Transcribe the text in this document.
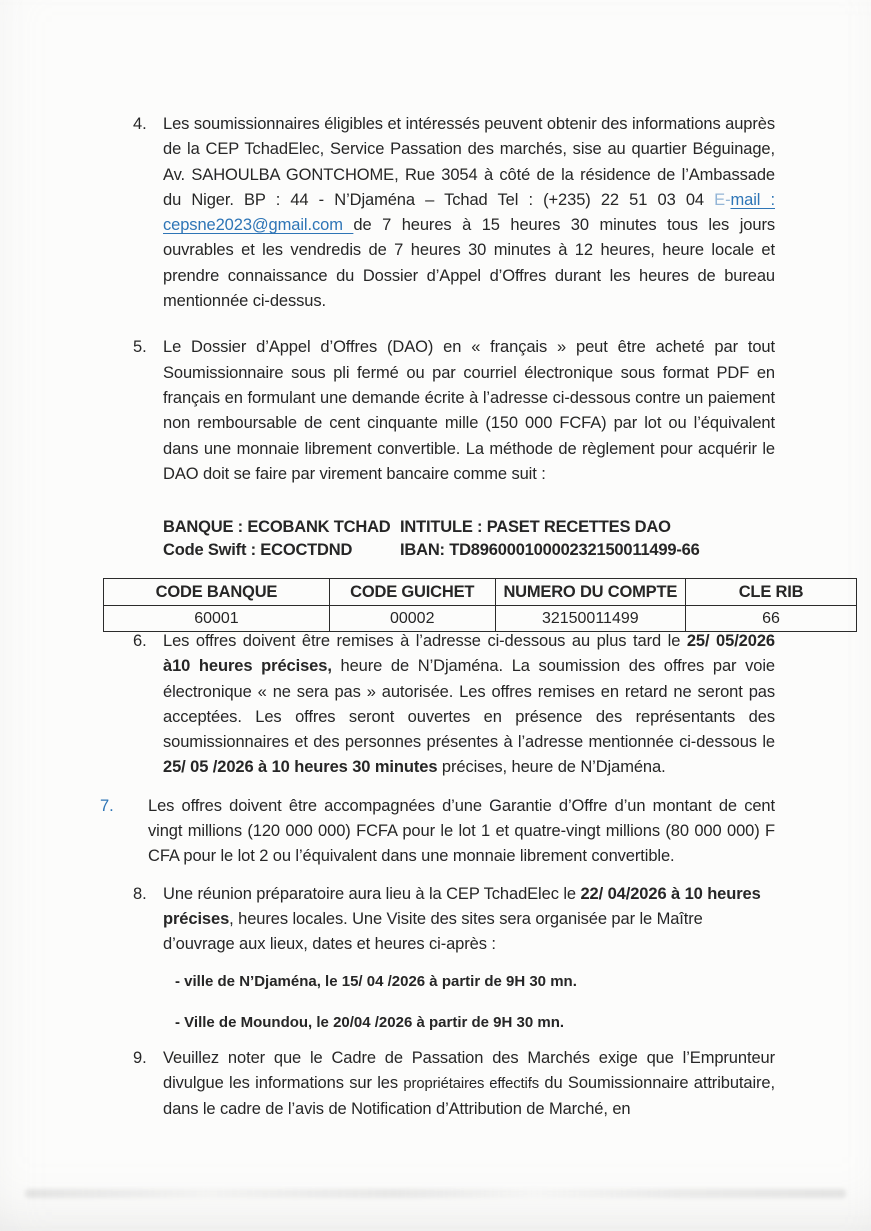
4. Les soumissionnaires éligibles et intéressés peuvent obtenir des informations auprès de la CEP TchadElec, Service Passation des marchés, sise au quartier Béguinage, Av. SAHOULBA GONTCHOME, Rue 3054 à côté de la résidence de l’Ambassade du Niger. BP : 44 - N’Djaména – Tchad Tel : (+235) 22 51 03 04 E-mail : cepsne2023@gmail.com de 7 heures à 15 heures 30 minutes tous les jours ouvrables et les vendredis de 7 heures 30 minutes à 12 heures, heure locale et prendre connaissance du Dossier d’Appel d’Offres durant les heures de bureau mentionnée ci-dessus.
5. Le Dossier d’Appel d’Offres (DAO) en « français » peut être acheté par tout Soumissionnaire sous pli fermé ou par courriel électronique sous format PDF en français en formulant une demande écrite à l’adresse ci-dessous contre un paiement non remboursable de cent cinquante mille (150 000 FCFA) par lot ou l’équivalent dans une monnaie librement convertible. La méthode de règlement pour acquérir le DAO doit se faire par virement bancaire comme suit :
BANQUE : ECOBANK TCHAD INTITULE : PASET RECETTES DAO
Code Swift : ECOCTDND	IBAN: TD89600010000232150011499-66
CODE BANQUE	CODE GUICHET	NUMERO DU COMPTE	CLE RIB
60001	00002	32150011499	66
6. Les offres doivent être remises à l’adresse ci-dessous au plus tard le 25/ 05/2026 à10 heures précises, heure de N’Djaména. La soumission des offres par voie électronique « ne sera pas » autorisée. Les offres remises en retard ne seront pas acceptées. Les offres seront ouvertes en présence des représentants des soumissionnaires et des personnes présentes à l’adresse mentionnée ci-dessous le 25/ 05 /2026 à 10 heures 30 minutes précises, heure de N’Djaména.
7.	Les offres doivent être accompagnées d’une Garantie d’Offre d’un montant de cent vingt millions (120 000 000) FCFA pour le lot 1 et quatre-vingt millions (80 000 000) F CFA pour le lot 2 ou l’équivalent dans une monnaie librement convertible.
8. Une réunion préparatoire aura lieu à la CEP TchadElec le 22/ 04/2026 à 10 heures précises, heures locales. Une Visite des sites sera organisée par le Maître d’ouvrage aux lieux, dates et heures ci-après :
- ville de N’Djaména, le 15/ 04 /2026 à partir de 9H 30 mn.
- Ville de Moundou, le 20/04 /2026 à partir de 9H 30 mn.
9. Veuillez noter que le Cadre de Passation des Marchés exige que l’Emprunteur divulgue les informations sur les propriétaires effectifs du Soumissionnaire attributaire, dans le cadre de l’avis de Notification d’Attribution de Marché, en
